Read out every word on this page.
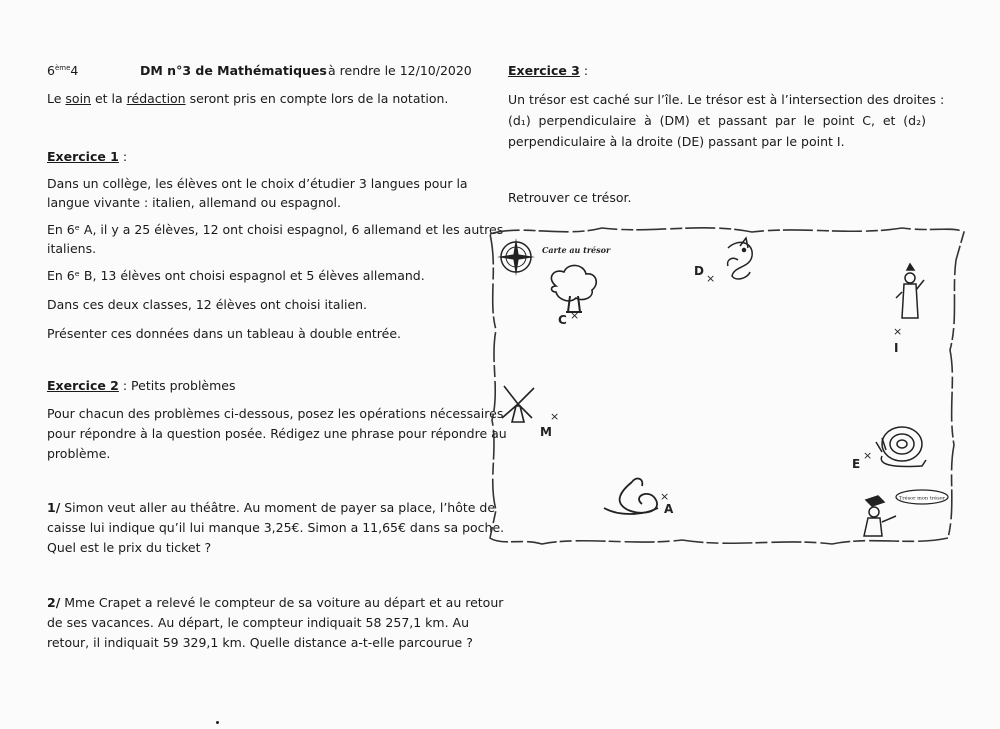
6ème4	DM n°3 de Mathématiques à rendre le 12/10/2020
Le soin et la rédaction seront pris en compte lors de la notation.
Exercice 1 :
Dans un collège, les élèves ont le choix d’étudier 3 langues pour la
langue vivante : italien, allemand ou espagnol.
En 6ᵉ A, il y a 25 élèves, 12 ont choisi espagnol, 6 allemand et les autres
italiens.
En 6ᵉ B, 13 élèves ont choisi espagnol et 5 élèves allemand.
Dans ces deux classes, 12 élèves ont choisi italien.
Présenter ces données dans un tableau à double entrée.
Exercice 2 : Petits problèmes
Pour chacun des problèmes ci-dessous, posez les opérations nécessaires
pour répondre à la question posée. Rédigez une phrase pour répondre au
problème.
1/ Simon veut aller au théâtre. Au moment de payer sa place, l’hôte de
caisse lui indique qu’il lui manque 3,25€. Simon a 11,65€ dans sa poche.
Quel est le prix du ticket ?
2/ Mme Crapet a relevé le compteur de sa voiture au départ et au retour
de ses vacances. Au départ, le compteur indiquait 58 257,1 km. Au
retour, il indiquait 59 329,1 km. Quelle distance a-t-elle parcourue ?
Exercice 3 :
Un trésor est caché sur l’île. Le trésor est à l’intersection des droites :
(d₁) perpendiculaire à (DM) et passant par le point C, et (d₂)
perpendiculaire à la droite (DE) passant par le point I.
Retrouver ce trésor.
Carte au trésor
Trésor mon trésor
D
×
C ×
×
I
×
M
E
×
×
A
